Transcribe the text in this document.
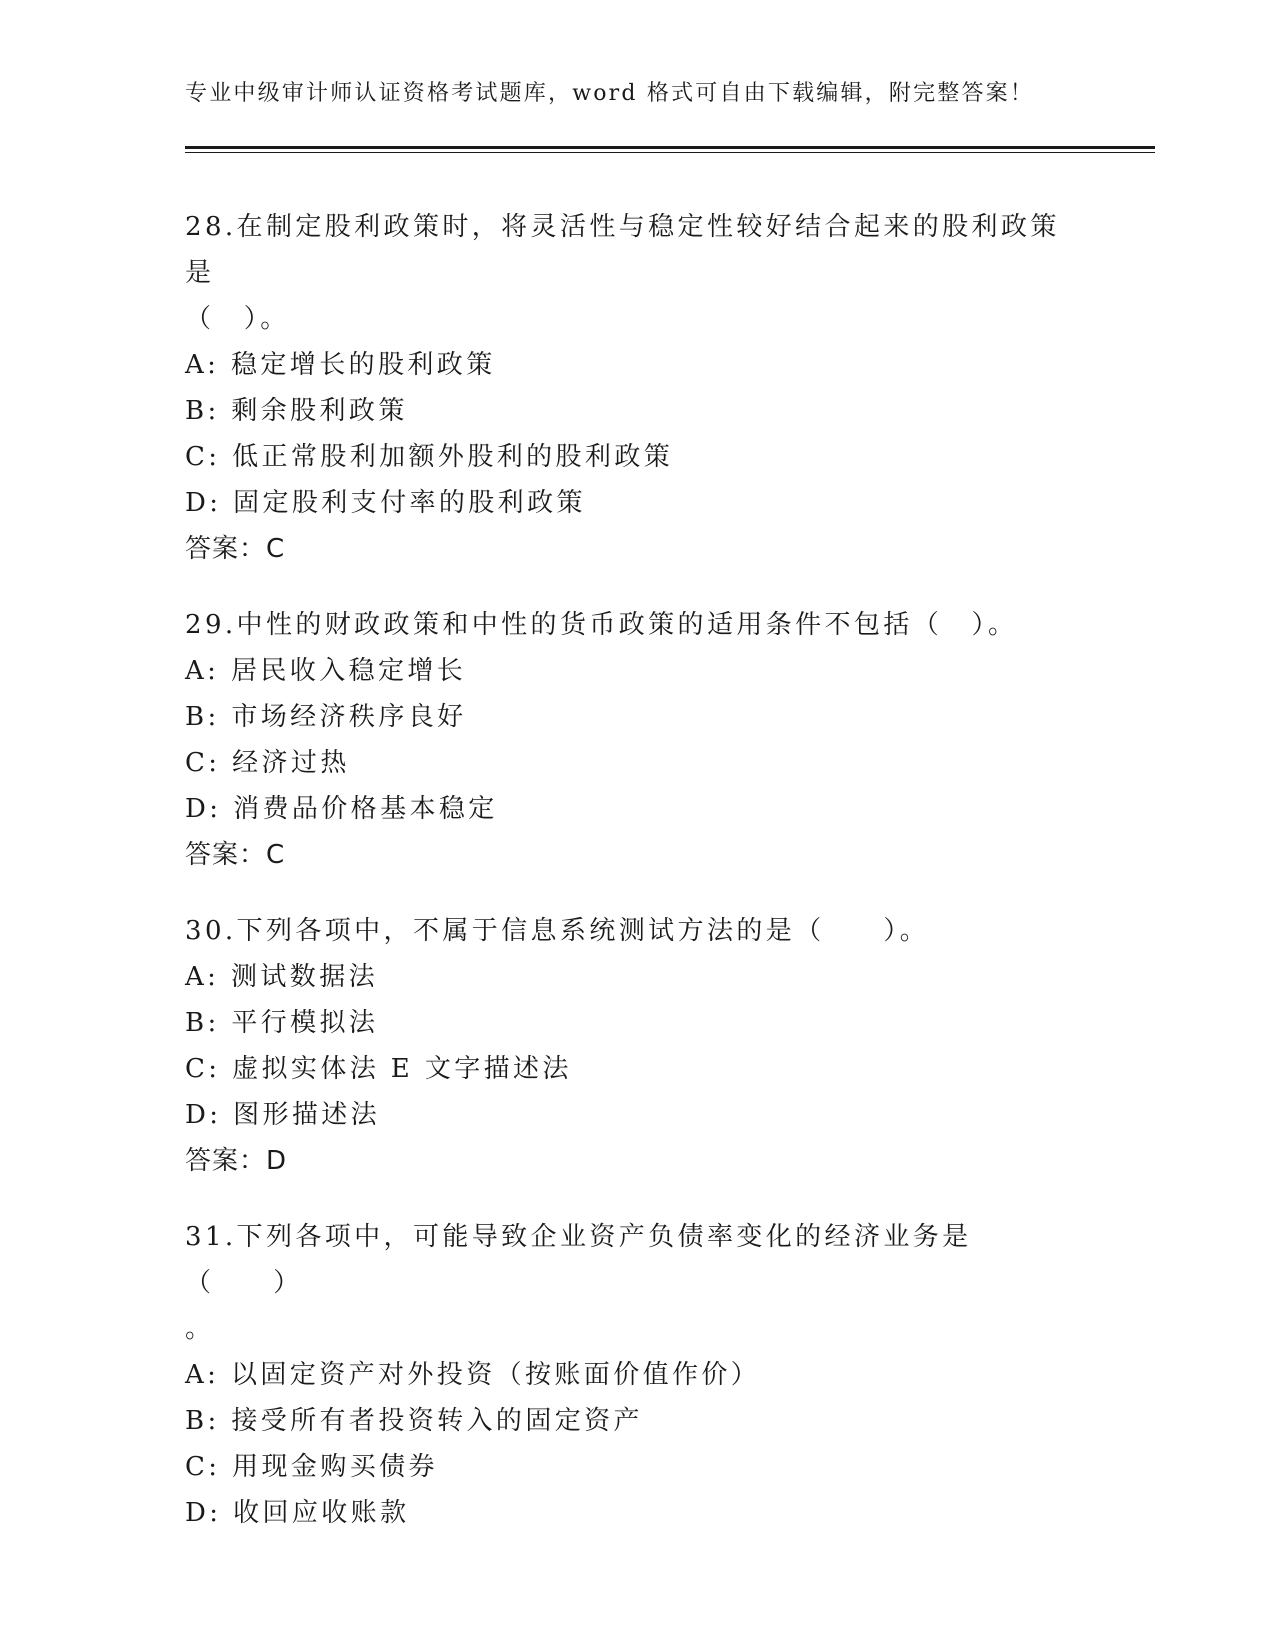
专业中级审计师认证资格考试题库，word 格式可自由下载编辑，附完整答案！
28.在制定股利政策时，将灵活性与稳定性较好结合起来的股利政策是
（　）。
A: 稳定增长的股利政策
B: 剩余股利政策
C: 低正常股利加额外股利的股利政策
D: 固定股利支付率的股利政策
答案：C
29.中性的财政政策和中性的货币政策的适用条件不包括（　）。
A: 居民收入稳定增长
B: 市场经济秩序良好
C: 经济过热
D: 消费品价格基本稳定
答案：C
30.下列各项中，不属于信息系统测试方法的是（　　）。
A: 测试数据法
B: 平行模拟法
C: 虚拟实体法 E 文字描述法
D: 图形描述法
答案：D
31.下列各项中，可能导致企业资产负债率变化的经济业务是（　　）
。
A: 以固定资产对外投资（按账面价值作价）
B: 接受所有者投资转入的固定资产
C: 用现金购买债券
D: 收回应收账款
